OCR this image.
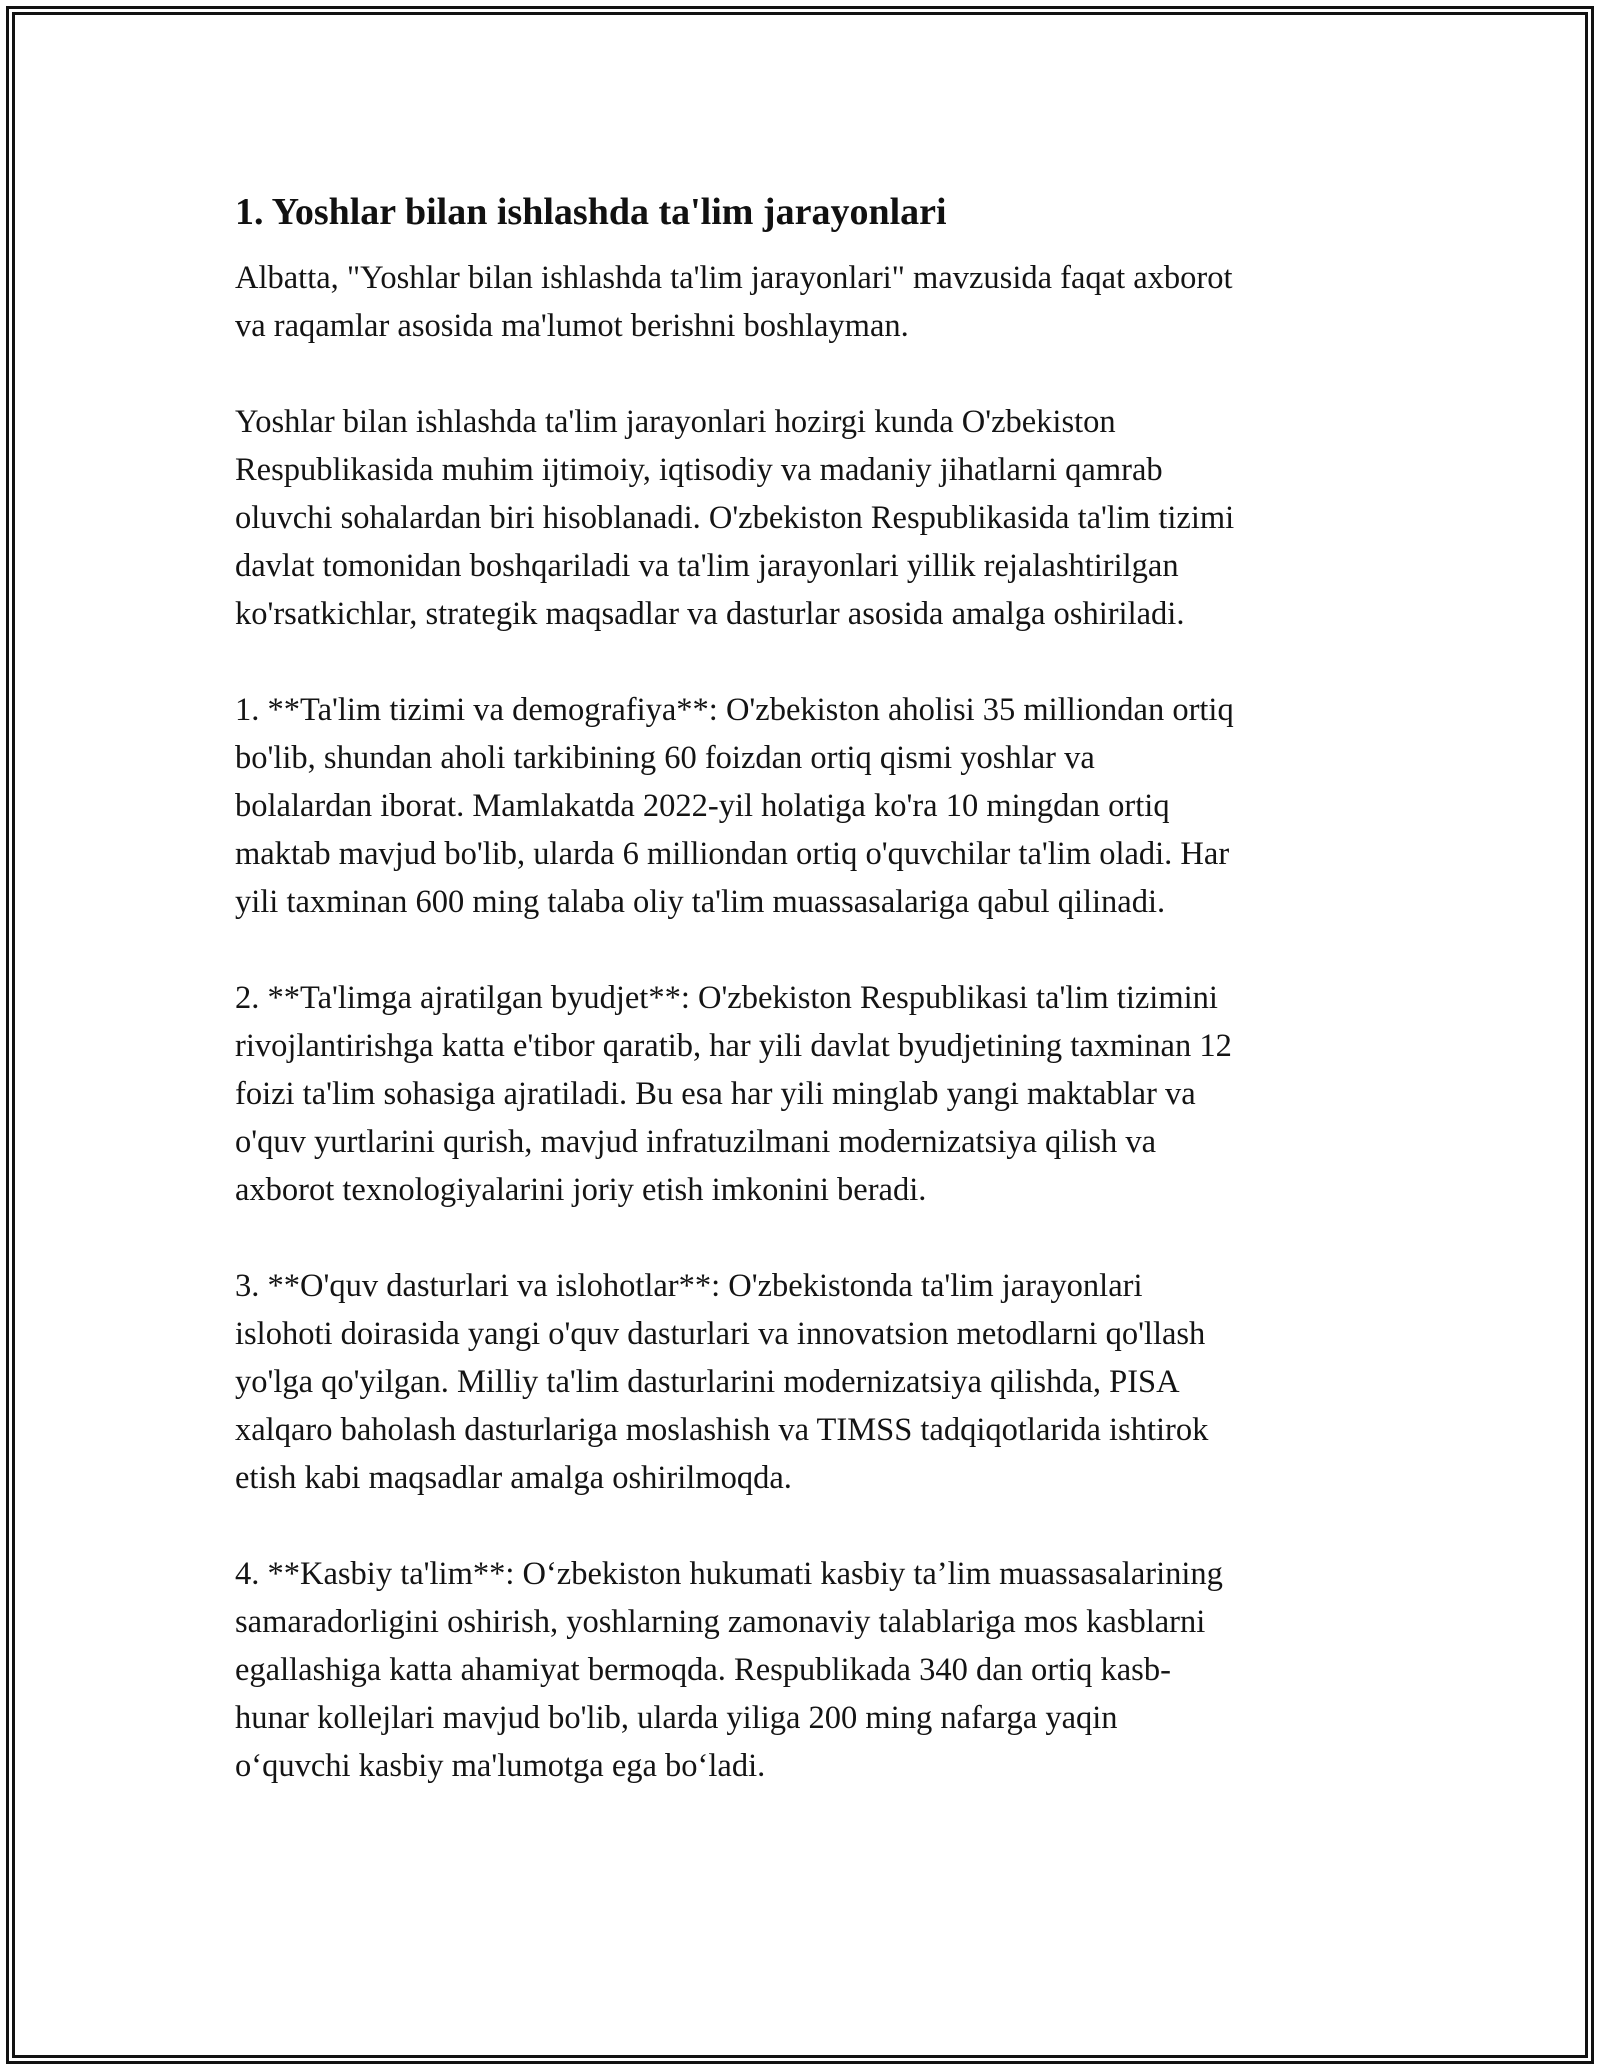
1. Yoshlar bilan ishlashda ta'lim jarayonlari

Albatta, "Yoshlar bilan ishlashda ta'lim jarayonlari" mavzusida faqat axborot
va raqamlar asosida ma'lumot berishni boshlayman.

Yoshlar bilan ishlashda ta'lim jarayonlari hozirgi kunda O'zbekiston
Respublikasida muhim ijtimoiy, iqtisodiy va madaniy jihatlarni qamrab
oluvchi sohalardan biri hisoblanadi. O'zbekiston Respublikasida ta'lim tizimi
davlat tomonidan boshqariladi va ta'lim jarayonlari yillik rejalashtirilgan
ko'rsatkichlar, strategik maqsadlar va dasturlar asosida amalga oshiriladi.

1. **Ta'lim tizimi va demografiya**: O'zbekiston aholisi 35 milliondan ortiq
bo'lib, shundan aholi tarkibining 60 foizdan ortiq qismi yoshlar va
bolalardan iborat. Mamlakatda 2022-yil holatiga ko'ra 10 mingdan ortiq
maktab mavjud bo'lib, ularda 6 milliondan ortiq o'quvchilar ta'lim oladi. Har
yili taxminan 600 ming talaba oliy ta'lim muassasalariga qabul qilinadi.

2. **Ta'limga ajratilgan byudjet**: O'zbekiston Respublikasi ta'lim tizimini
rivojlantirishga katta e'tibor qaratib, har yili davlat byudjetining taxminan 12
foizi ta'lim sohasiga ajratiladi. Bu esa har yili minglab yangi maktablar va
o'quv yurtlarini qurish, mavjud infratuzilmani modernizatsiya qilish va
axborot texnologiyalarini joriy etish imkonini beradi.

3. **O'quv dasturlari va islohotlar**: O'zbekistonda ta'lim jarayonlari
islohoti doirasida yangi o'quv dasturlari va innovatsion metodlarni qo'llash
yo'lga qo'yilgan. Milliy ta'lim dasturlarini modernizatsiya qilishda, PISA
xalqaro baholash dasturlariga moslashish va TIMSS tadqiqotlarida ishtirok
etish kabi maqsadlar amalga oshirilmoqda.

4. **Kasbiy ta'lim**: O‘zbekiston hukumati kasbiy ta’lim muassasalarining
samaradorligini oshirish, yoshlarning zamonaviy talablariga mos kasblarni
egallashiga katta ahamiyat bermoqda. Respublikada 340 dan ortiq kasb-
hunar kollejlari mavjud bo'lib, ularda yiliga 200 ming nafarga yaqin
o‘quvchi kasbiy ma'lumotga ega bo‘ladi.
